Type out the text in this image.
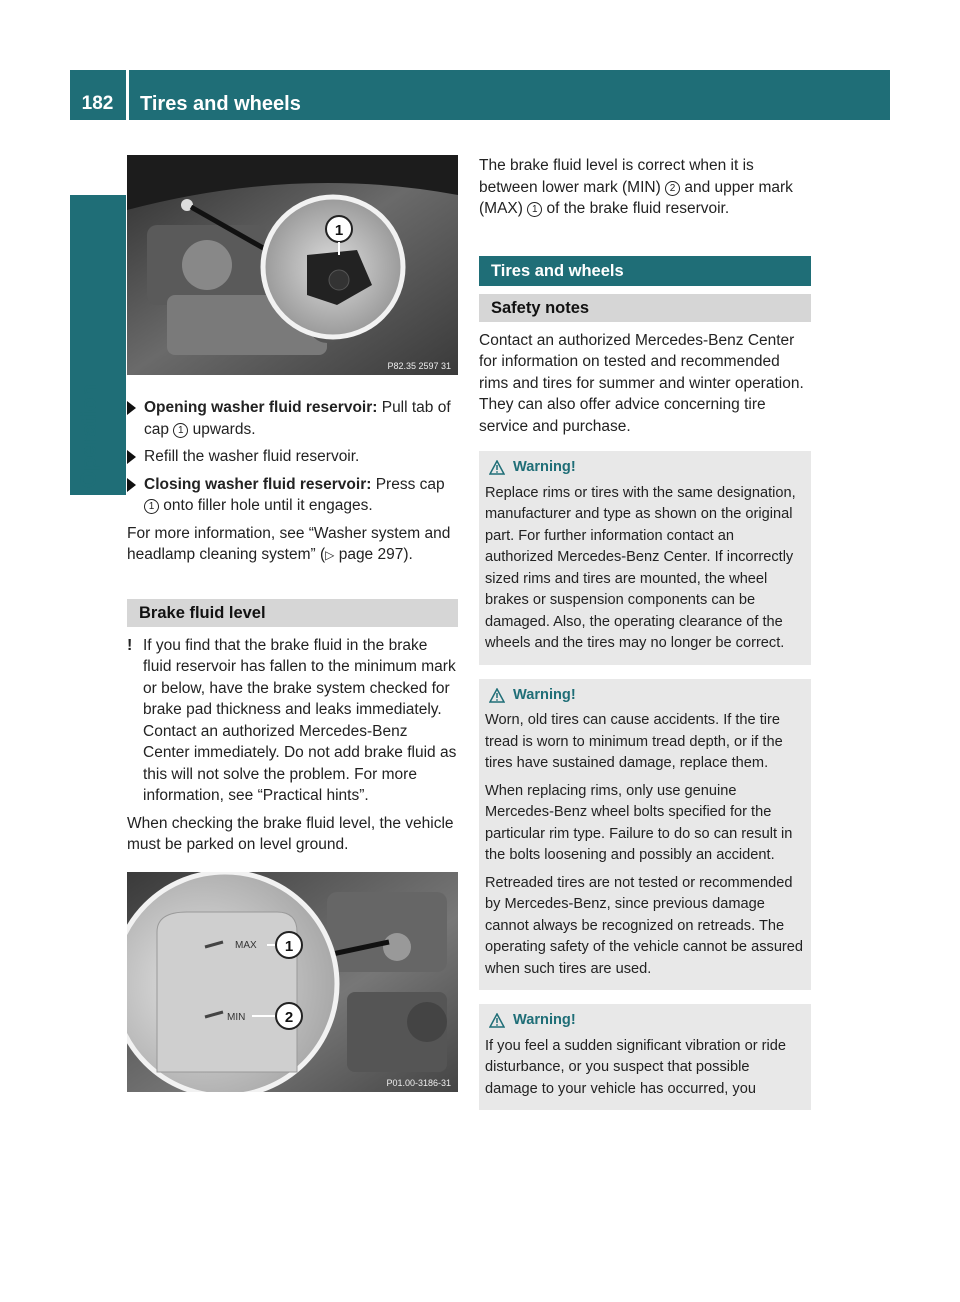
182	Tires and wheels
Operation
1
P82.35 2597 31
Opening washer fluid reservoir: Pull tab of cap 1 upwards.
Refill the washer fluid reservoir.
Closing washer fluid reservoir: Press cap 1 onto filler hole until it engages.

For more information, see “Washer system and headlamp cleaning system” (▷ page 297).

Brake fluid level
! If you find that the brake fluid in the brake fluid reservoir has fallen to the minimum mark or below, have the brake system checked for brake pad thickness and leaks immediately. Contact an authorized Mercedes-Benz Center immediately. Do not add brake fluid as this will not solve the problem. For more information, see “Practical hints”.

When checking the brake fluid level, the vehicle must be parked on level ground.

MAX 1
MIN	2
P01.00-3186-31

The brake fluid level is correct when it is between lower mark (MIN) 2 and upper mark (MAX) 1 of the brake fluid reservoir.

Tires and wheels
Safety notes

Contact an authorized Mercedes-Benz Center for information on tested and recommended rims and tires for summer and winter operation. They can also offer advice concerning tire service and purchase.

Warning!

Replace rims or tires with the same designation, manufacturer and type as shown on the original part. For further information contact an authorized Mercedes-Benz Center. If incorrectly sized rims and tires are mounted, the wheel brakes or suspension components can be damaged. Also, the operating clearance of the wheels and the tires may no longer be correct.

Warning!

Worn, old tires can cause accidents. If the tire tread is worn to minimum tread depth, or if the tires have sustained damage, replace them.

When replacing rims, only use genuine Mercedes-Benz wheel bolts specified for the particular rim type. Failure to do so can result in the bolts loosening and possibly an accident.

Retreaded tires are not tested or recommended by Mercedes-Benz, since previous damage cannot always be recognized on retreads. The operating safety of the vehicle cannot be assured when such tires are used.

Warning!

If you feel a sudden significant vibration or ride disturbance, or you suspect that possible damage to your vehicle has occurred, you
